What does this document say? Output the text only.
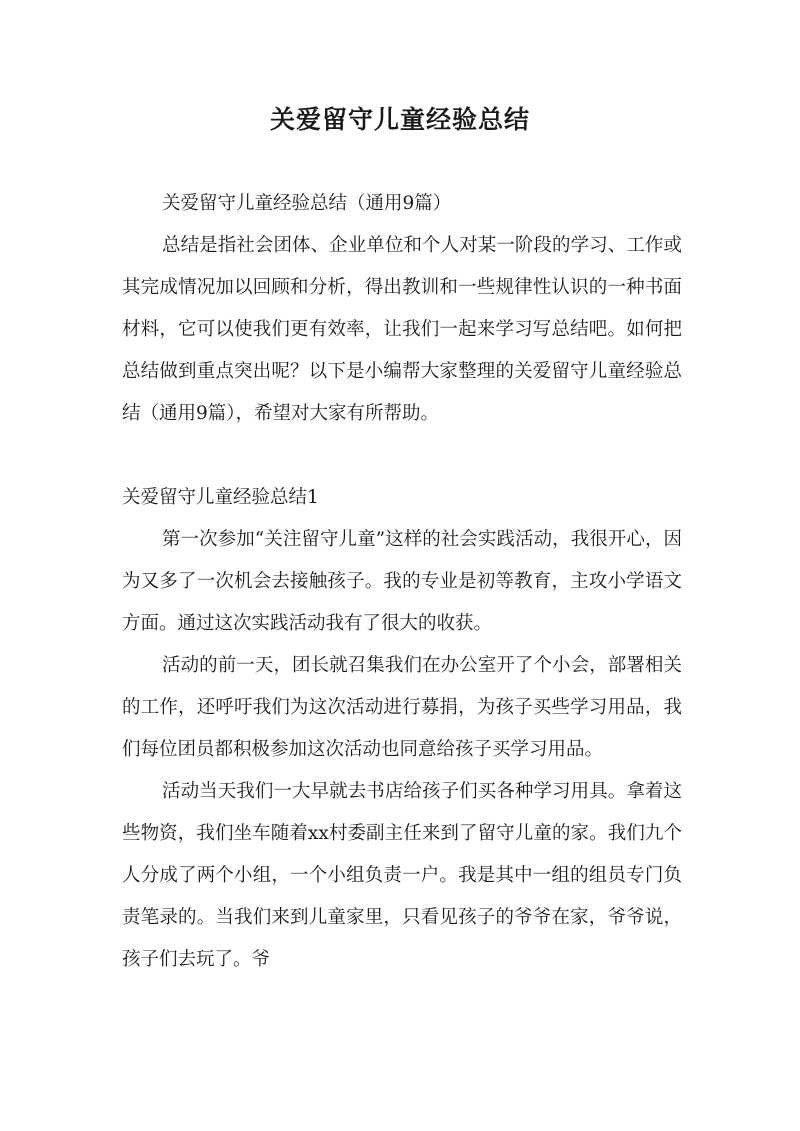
关爱留守儿童经验总结

关爱留守儿童经验总结（通用9篇）

总结是指社会团体、企业单位和个人对某一阶段的学习、工作或其完成情况加以回顾和分析，得出教训和一些规律性认识的一种书面材料，它可以使我们更有效率，让我们一起来学习写总结吧。如何把总结做到重点突出呢？以下是小编帮大家整理的关爱留守儿童经验总结（通用9篇），希望对大家有所帮助。

关爱留守儿童经验总结1

第一次参加“关注留守儿童”这样的社会实践活动，我很开心，因为又多了一次机会去接触孩子。我的专业是初等教育，主攻小学语文方面。通过这次实践活动我有了很大的收获。

活动的前一天，团长就召集我们在办公室开了个小会，部署相关的工作，还呼吁我们为这次活动进行募捐，为孩子买些学习用品，我们每位团员都积极参加这次活动也同意给孩子买学习用品。

活动当天我们一大早就去书店给孩子们买各种学习用具。拿着这些物资，我们坐车随着xx村委副主任来到了留守儿童的家。我们九个人分成了两个小组，一个小组负责一户。我是其中一组的组员专门负责笔录的。当我们来到儿童家里，只看见孩子的爷爷在家，爷爷说，孩子们去玩了。爷
